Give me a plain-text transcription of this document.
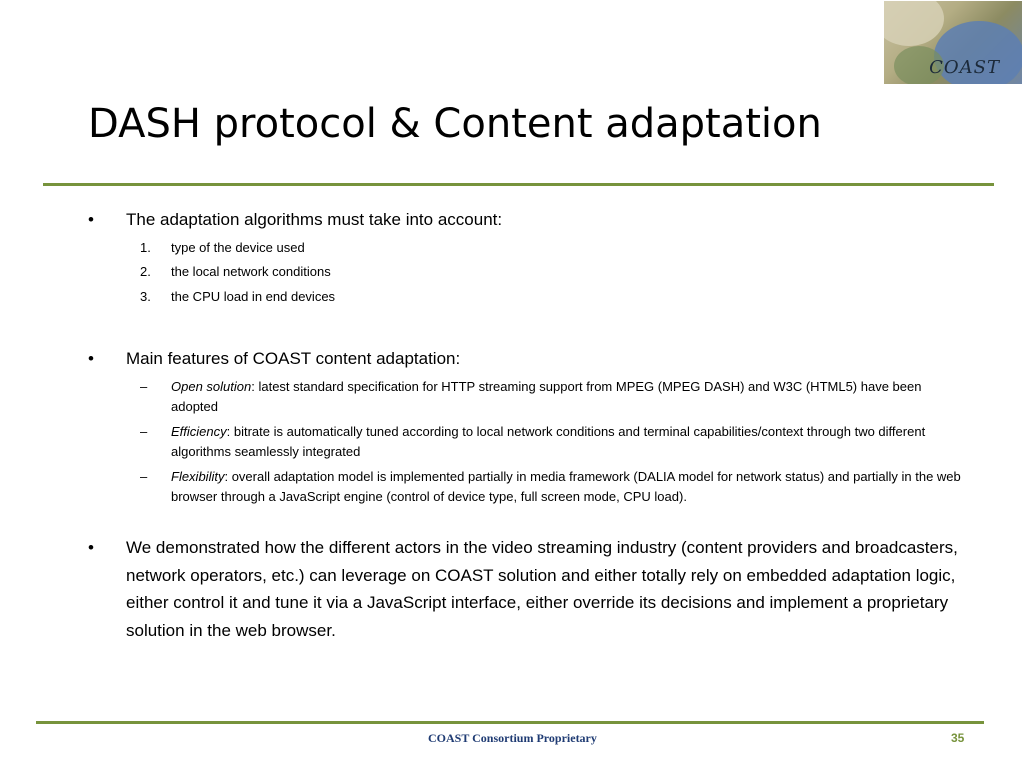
COAST
DASH protocol & Content adaptation
• The adaptation algorithms must take into account:
1. type of the device used
2. the local network conditions
3. the CPU load in end devices
• Main features of COAST content adaptation:
– Open solution: latest standard specification for HTTP streaming support from MPEG (MPEG DASH) and W3C (HTML5) have been adopted
– Efficiency: bitrate is automatically tuned according to local network conditions and terminal capabilities/context through two different algorithms seamlessly integrated
– Flexibility: overall adaptation model is implemented partially in media framework (DALIA model for network status) and partially in the web browser through a JavaScript engine (control of device type, full screen mode, CPU load).
• We demonstrated how the different actors in the video streaming industry (content providers and broadcasters, network operators, etc.) can leverage on COAST solution and either totally rely on embedded adaptation logic, either control it and tune it via a JavaScript interface, either override its decisions and implement a proprietary solution in the web browser.
COAST Consortium Proprietary	35
